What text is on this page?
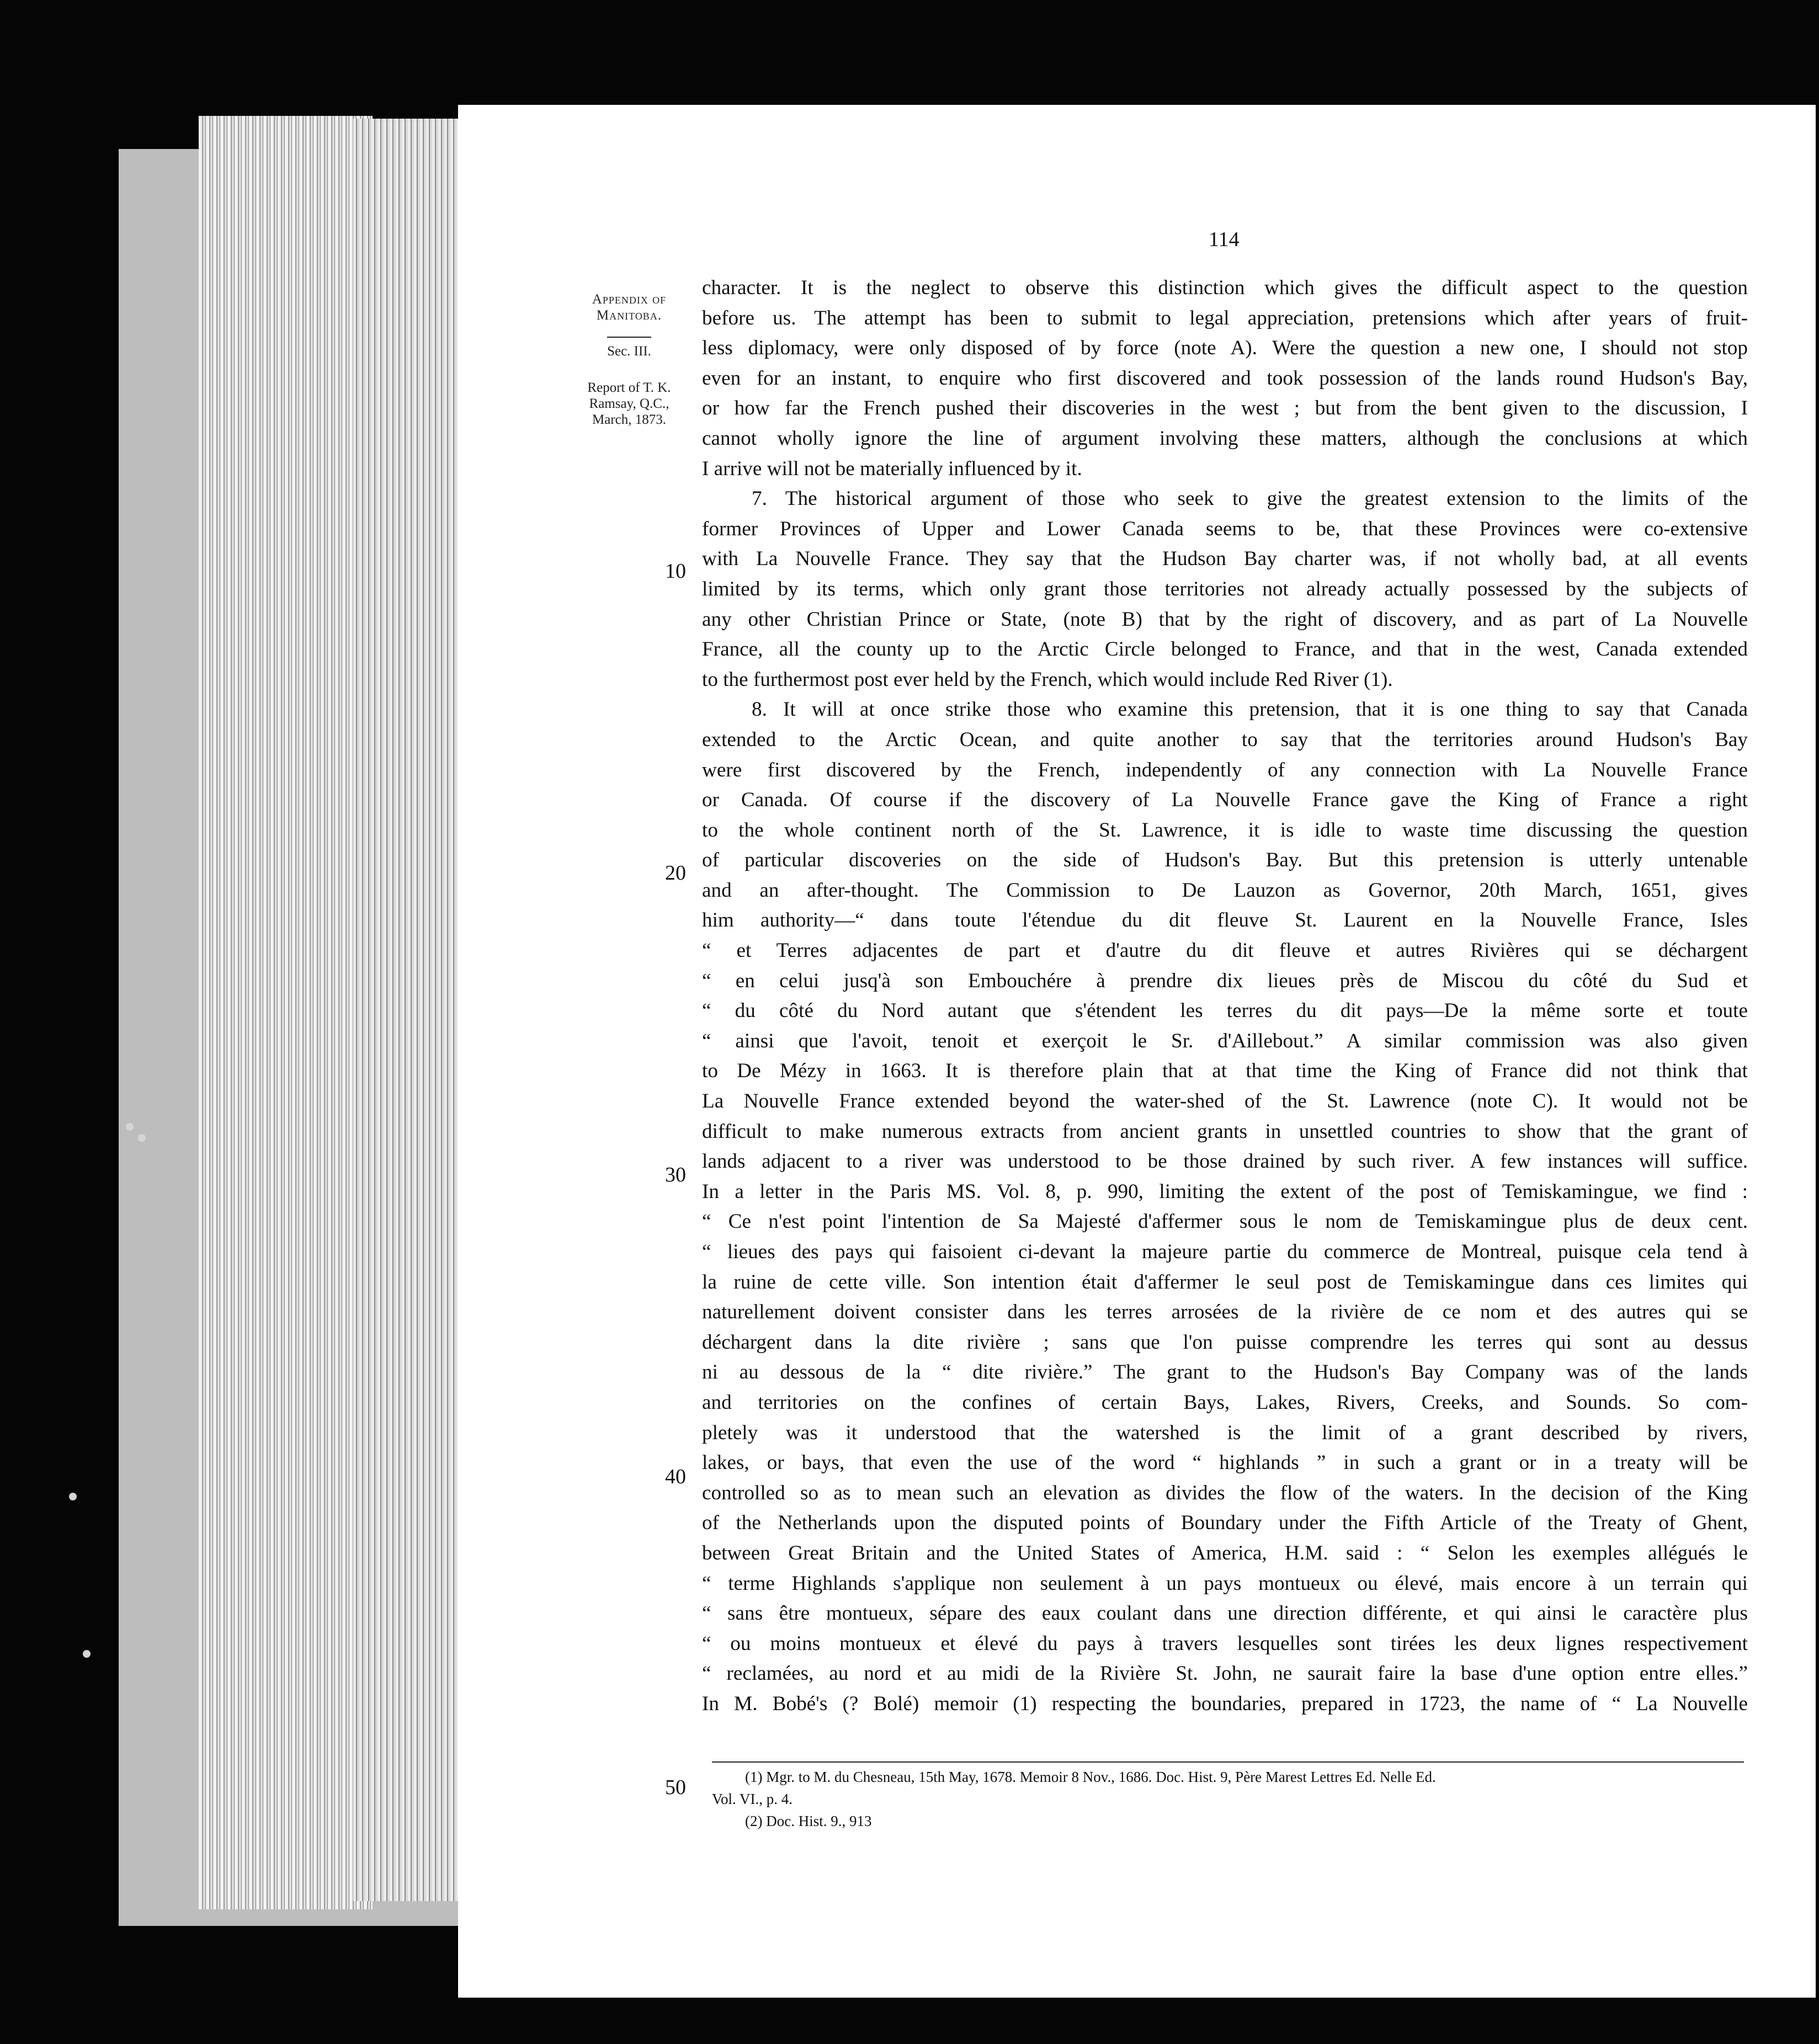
114
Appendix of Manitoba.
Sec. III.
Report of T. K. Ramsay, Q.C., March, 1873.
10
20
30
40
50

character. It is the neglect to observe this distinction which gives the difficult aspect to the question

before us. The attempt has been to submit to legal appreciation, pretensions which after years of fruit-

less diplomacy, were only disposed of by force (note A). Were the question a new one, I should not stop

even for an instant, to enquire who first discovered and took possession of the lands round Hudson's Bay,

or how far the French pushed their discoveries in the west ; but from the bent given to the discussion, I

cannot wholly ignore the line of argument involving these matters, although the conclusions at which

I arrive will not be materially influenced by it.

7. The historical argument of those who seek to give the greatest extension to the limits of the

former Provinces of Upper and Lower Canada seems to be, that these Provinces were co-extensive

with La Nouvelle France. They say that the Hudson Bay charter was, if not wholly bad, at all events

limited by its terms, which only grant those territories not already actually possessed by the subjects of

any other Christian Prince or State, (note B) that by the right of discovery, and as part of La Nouvelle

France, all the county up to the Arctic Circle belonged to France, and that in the west, Canada extended

to the furthermost post ever held by the French, which would include Red River (1).

8. It will at once strike those who examine this pretension, that it is one thing to say that Canada

extended to the Arctic Ocean, and quite another to say that the territories around Hudson's Bay

were first discovered by the French, independently of any connection with La Nouvelle France

or Canada. Of course if the discovery of La Nouvelle France gave the King of France a right

to the whole continent north of the St. Lawrence, it is idle to waste time discussing the question

of particular discoveries on the side of Hudson's Bay. But this pretension is utterly untenable

and an after-thought. The Commission to De Lauzon as Governor, 20th March, 1651, gives

him authority—“ dans toute l'étendue du dit fleuve St. Laurent en la Nouvelle France, Isles

“ et Terres adjacentes de part et d'autre du dit fleuve et autres Rivières qui se déchargent

“ en celui jusq'à son Embouchére à prendre dix lieues près de Miscou du côté du Sud et

“ du côté du Nord autant que s'étendent les terres du dit pays—De la même sorte et toute

“ ainsi que l'avoit, tenoit et exerçoit le Sr. d'Aillebout.” A similar commission was also given

to De Mézy in 1663. It is therefore plain that at that time the King of France did not think that

La Nouvelle France extended beyond the water-shed of the St. Lawrence (note C). It would not be

difficult to make numerous extracts from ancient grants in unsettled countries to show that the grant of

lands adjacent to a river was understood to be those drained by such river. A few instances will suffice.

In a letter in the Paris MS. Vol. 8, p. 990, limiting the extent of the post of Temiskamingue, we find :

“ Ce n'est point l'intention de Sa Majesté d'affermer sous le nom de Temiskamingue plus de deux cent.

“ lieues des pays qui faisoient ci-devant la majeure partie du commerce de Montreal, puisque cela tend à

la ruine de cette ville. Son intention était d'affermer le seul post de Temiskamingue dans ces limites qui

naturellement doivent consister dans les terres arrosées de la rivière de ce nom et des autres qui se

déchargent dans la dite rivière ; sans que l'on puisse comprendre les terres qui sont au dessus

ni au dessous de la “ dite rivière.” The grant to the Hudson's Bay Company was of the lands

and territories on the confines of certain Bays, Lakes, Rivers, Creeks, and Sounds. So com-

pletely was it understood that the watershed is the limit of a grant described by rivers,

lakes, or bays, that even the use of the word “ highlands ” in such a grant or in a treaty will be

controlled so as to mean such an elevation as divides the flow of the waters. In the decision of the King

of the Netherlands upon the disputed points of Boundary under the Fifth Article of the Treaty of Ghent,

between Great Britain and the United States of America, H.M. said : “ Selon les exemples allégués le

“ terme Highlands s'applique non seulement à un pays montueux ou élevé, mais encore à un terrain qui

“ sans être montueux, sépare des eaux coulant dans une direction différente, et qui ainsi le caractère plus

“ ou moins montueux et élevé du pays à travers lesquelles sont tirées les deux lignes respectivement

“ reclamées, au nord et au midi de la Rivière St. John, ne saurait faire la base d'une option entre elles.”

In M. Bobé's (? Bolé) memoir (1) respecting the boundaries, prepared in 1723, the name of “ La Nouvelle

(1) Mgr. to M. du Chesneau, 15th May, 1678. Memoir 8 Nov., 1686. Doc. Hist. 9, Père Marest Lettres Ed. Nelle Ed.

Vol. VI., p. 4.

(2) Doc. Hist. 9., 913
